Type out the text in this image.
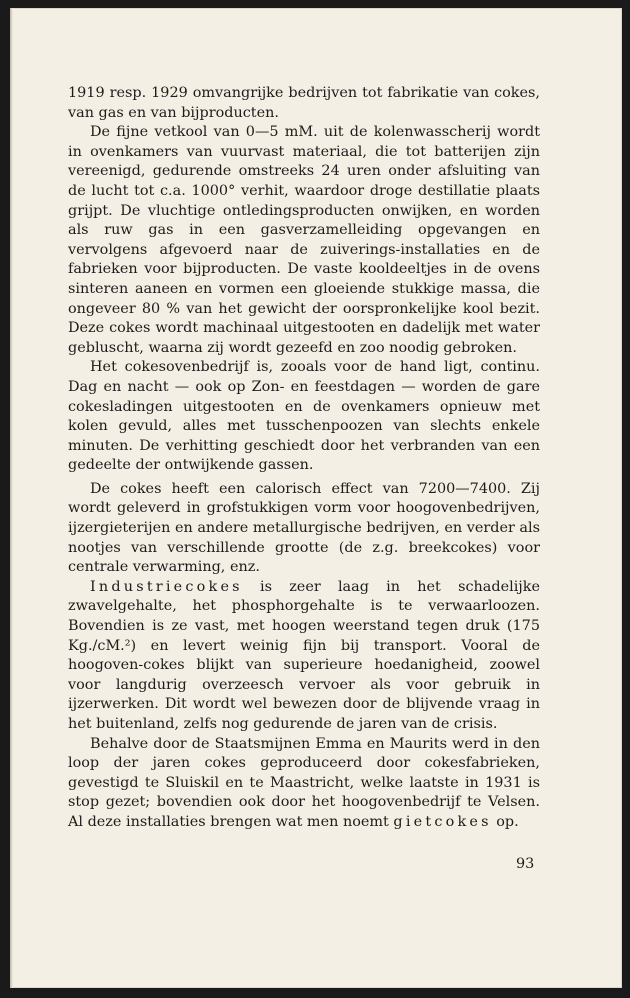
1919 resp. 1929 omvangrijke bedrijven tot fabrikatie van cokes, van gas en van bijproducten.

De fijne vetkool van 0—5 mM. uit de kolenwasscherij wordt in ovenkamers van vuurvast materiaal, die tot batterijen zijn vereenigd, gedurende omstreeks 24 uren onder afsluiting van de lucht tot c.a. 1000° verhit, waardoor droge destillatie plaats grijpt. De vluchtige ontledingsproducten onwijken, en worden als ruw gas in een gasverzamelleiding opgevangen en vervolgens afgevoerd naar de zuiverings-installaties en de fabrieken voor bijproducten. De vaste kooldeeltjes in de ovens sinteren aaneen en vormen een gloeiende stukkige massa, die ongeveer 80 % van het gewicht der oorspronkelijke kool bezit. Deze cokes wordt machinaal uitgestooten en dadelijk met water gebluscht, waarna zij wordt gezeefd en zoo noodig gebroken.

Het cokesovenbedrijf is, zooals voor de hand ligt, continu. Dag en nacht — ook op Zon- en feestdagen — worden de gare cokesladingen uitgestooten en de ovenkamers opnieuw met kolen gevuld, alles met tusschenpoozen van slechts enkele minuten. De verhitting geschiedt door het verbranden van een gedeelte der ontwijkende gassen.

De cokes heeft een calorisch effect van 7200—7400. Zij wordt geleverd in grofstukkigen vorm voor hoogovenbedrijven, ijzergieterijen en andere metallurgische bedrijven, en verder als nootjes van verschillende grootte (de z.g. breekcokes) voor centrale verwarming, enz.

Industriecokes is zeer laag in het schadelijke zwavelgehalte, het phosphorgehalte is te verwaarloozen. Bovendien is ze vast, met hoogen weerstand tegen druk (175 Kg./cM.²) en levert weinig fijn bij transport. Vooral de hoogoven-cokes blijkt van superieure hoedanigheid, zoowel voor langdurig overzeesch vervoer als voor gebruik in ijzerwerken. Dit wordt wel bewezen door de blijvende vraag in het buitenland, zelfs nog gedurende de jaren van de crisis.

Behalve door de Staatsmijnen Emma en Maurits werd in den loop der jaren cokes geproduceerd door cokesfabrieken, gevestigd te Sluiskil en te Maastricht, welke laatste in 1931 is stop gezet; bovendien ook door het hoogovenbedrijf te Velsen. Al deze installaties brengen wat men noemt gietcokes op.

93
